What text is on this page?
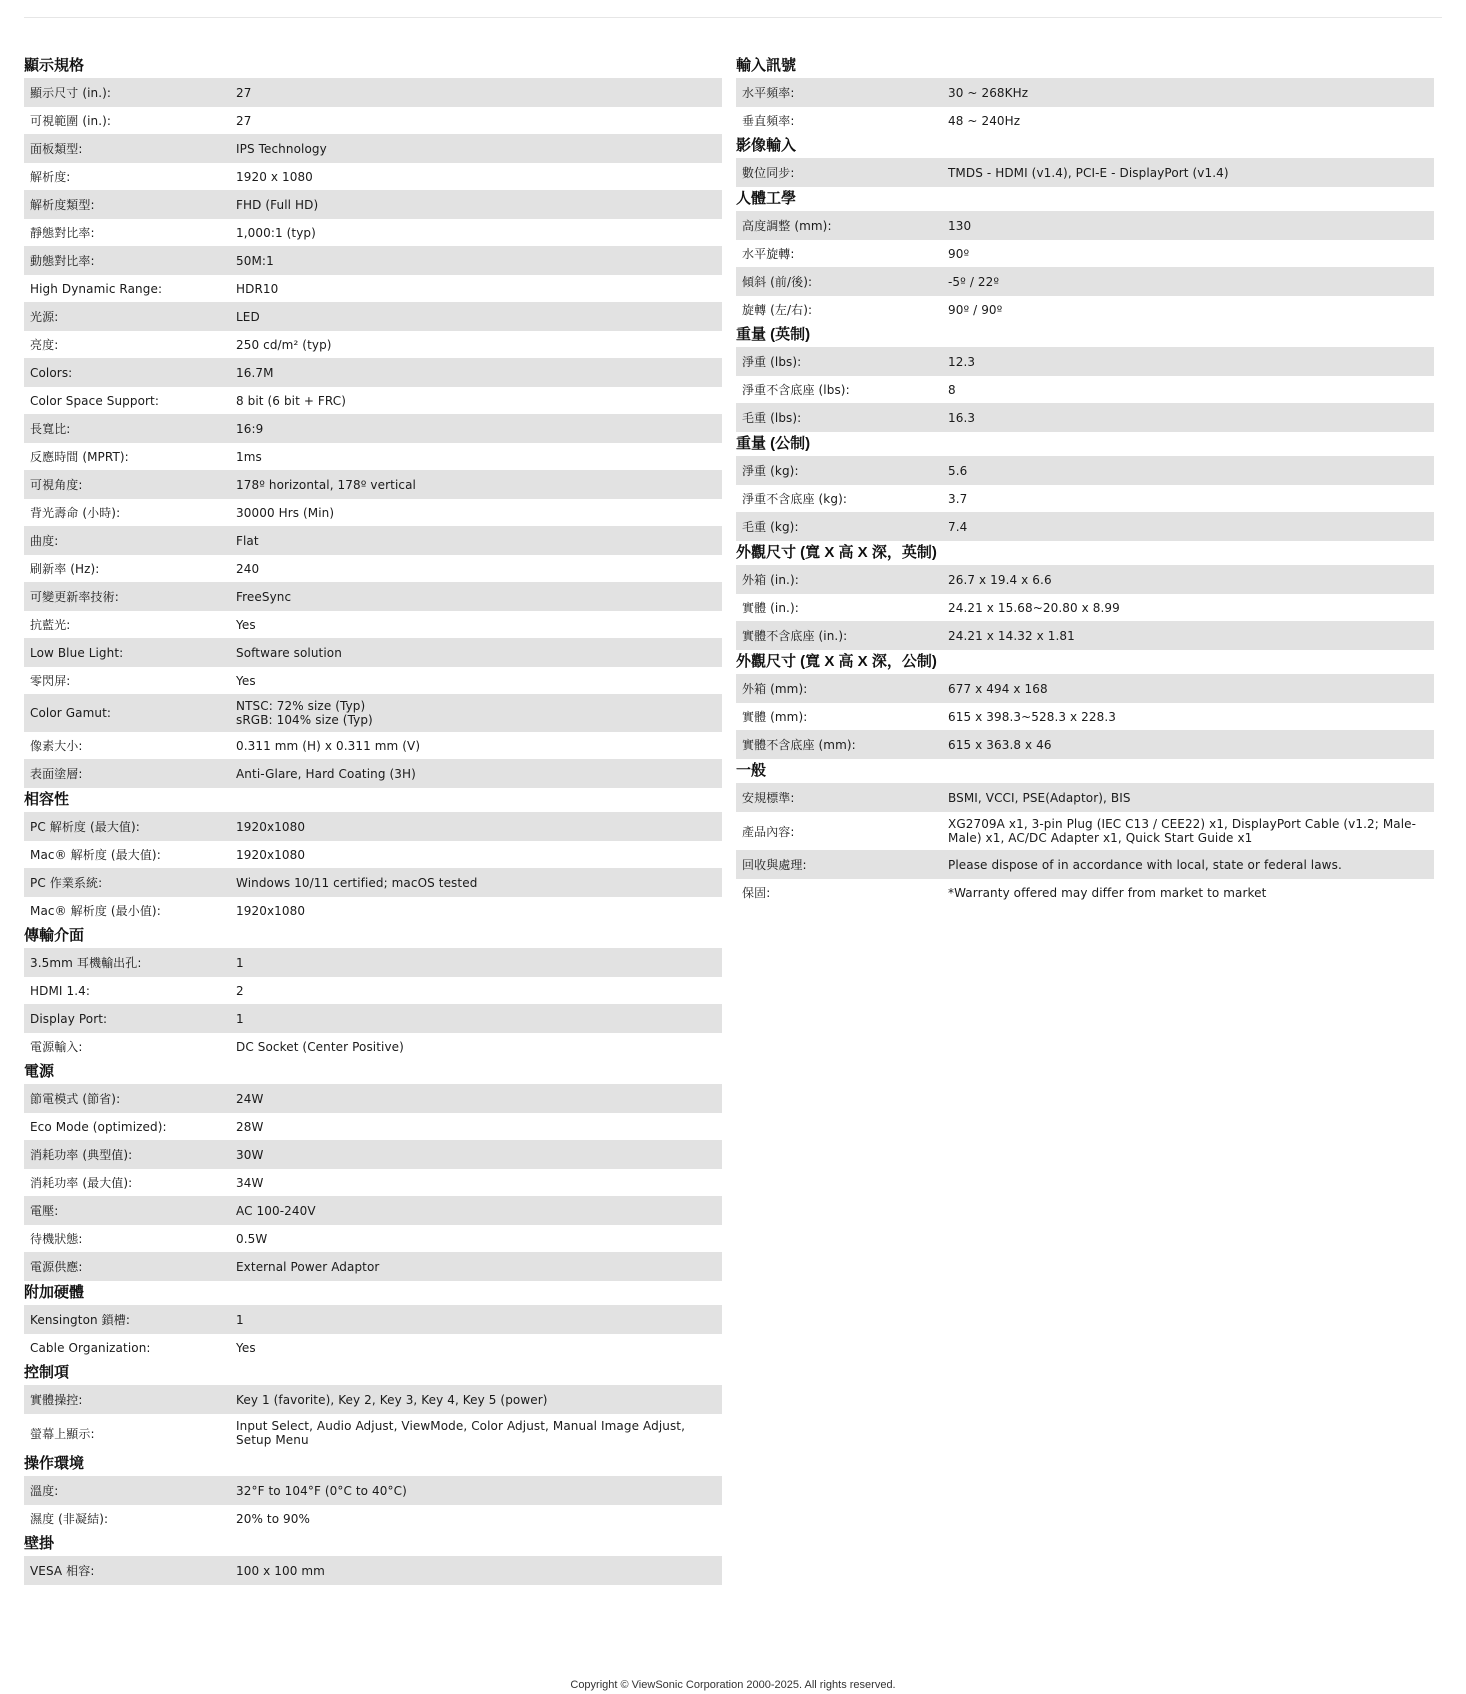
顯示規格
顯示尺寸 (in.):	27
可視範圍 (in.):	27
面板類型:	IPS Technology
解析度:	1920 x 1080
解析度類型:	FHD (Full HD)
靜態對比率:	1,000:1 (typ)
動態對比率:	50M:1
High Dynamic Range:	HDR10
光源:	LED
亮度:	250 cd/m² (typ)
Colors:	16.7M
Color Space Support:	8 bit (6 bit + FRC)
長寬比:	16:9
反應時間 (MPRT):	1ms
可視角度:	178º horizontal, 178º vertical
背光壽命 (小時):	30000 Hrs (Min)
曲度:	Flat
刷新率 (Hz):	240
可變更新率技術:	FreeSync
抗藍光:	Yes
Low Blue Light:	Software solution
零閃屏:	Yes
Color Gamut:	NTSC: 72% size (Typ)
sRGB: 104% size (Typ)
像素大小:	0.311 mm (H) x 0.311 mm (V)
表面塗層:	Anti-Glare, Hard Coating (3H)
相容性
PC 解析度 (最大值):	1920x1080
Mac® 解析度 (最大值):	1920x1080
PC 作業系統:	Windows 10/11 certified; macOS tested
Mac® 解析度 (最小值):	1920x1080
傳輸介面
3.5mm 耳機輸出孔:	1
HDMI 1.4:	2
Display Port:	1
電源輸入:	DC Socket (Center Positive)
電源
節電模式 (節省):	24W
Eco Mode (optimized):	28W
消耗功率 (典型值):	30W
消耗功率 (最大值):	34W
電壓:	AC 100-240V
待機狀態:	0.5W
電源供應:	External Power Adaptor
附加硬體
Kensington 鎖槽:	1
Cable Organization:	Yes
控制項
實體操控:	Key 1 (favorite), Key 2, Key 3, Key 4, Key 5 (power)
螢幕上顯示:
Input Select, Audio Adjust, ViewMode, Color Adjust, Manual Image Adjust,
Setup Menu
操作環境
溫度:	32°F to 104°F (0°C to 40°C)
濕度 (非凝結):	20% to 90%
壁掛
VESA 相容:	100 x 100 mm
輸入訊號
水平頻率:	30 ~ 268KHz
垂直頻率:	48 ~ 240Hz
影像輸入
數位同步:	TMDS - HDMI (v1.4), PCI-E - DisplayPort (v1.4)
人體工學
高度調整 (mm):	130
水平旋轉:	90º
傾斜 (前/後):	-5º / 22º
旋轉 (左/右):	90º / 90º
重量 (英制)
淨重 (lbs):	12.3
淨重不含底座 (lbs):	8
毛重 (lbs):	16.3
重量 (公制)
淨重 (kg):	5.6
淨重不含底座 (kg):	3.7
毛重 (kg):	7.4
外觀尺寸 (寬 X 高 X 深，英制)
外箱 (in.):	26.7 x 19.4 x 6.6
實體 (in.):	24.21 x 15.68~20.80 x 8.99
實體不含底座 (in.):	24.21 x 14.32 x 1.81
外觀尺寸 (寬 X 高 X 深，公制)
外箱 (mm):	677 x 494 x 168
實體 (mm):	615 x 398.3~528.3 x 228.3
實體不含底座 (mm):	615 x 363.8 x 46
一般
安規標準:	BSMI, VCCI, PSE(Adaptor), BIS
產品內容:
XG2709A x1, 3-pin Plug (IEC C13 / CEE22) x1, DisplayPort Cable (v1.2; Male-
Male) x1, AC/DC Adapter x1, Quick Start Guide x1
回收與處理:	Please dispose of in accordance with local, state or federal laws.
保固:	*Warranty offered may differ from market to market
Copyright © ViewSonic Corporation 2000-2025. All rights reserved.
